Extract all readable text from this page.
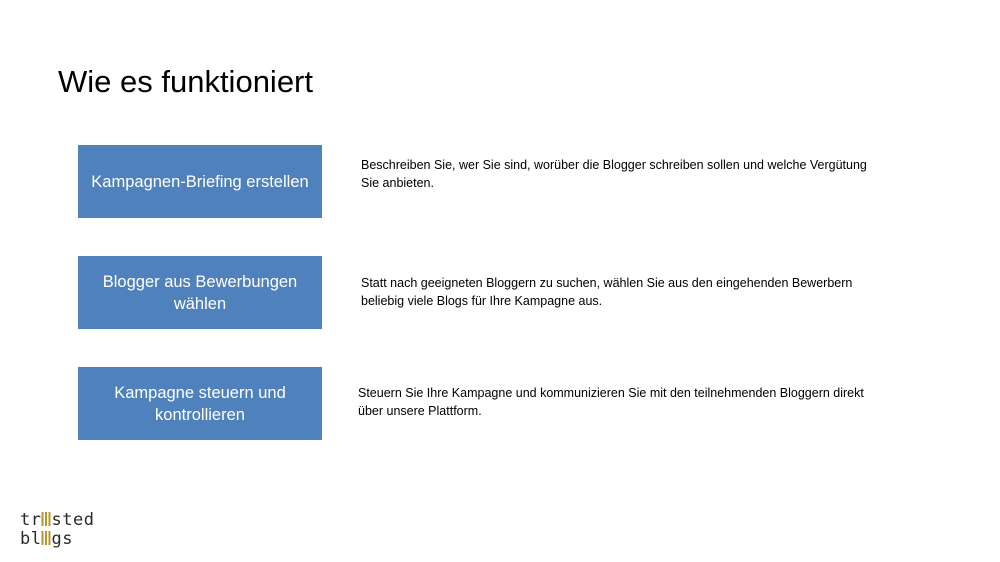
Wie es funktioniert
Kampagnen-Briefing erstellen
Beschreiben Sie, wer Sie sind, worüber die Blogger schreiben sollen und welche Vergütung Sie anbieten.
Blogger aus Bewerbungen wählen
Statt nach geeigneten Bloggern zu suchen, wählen Sie aus den eingehenden Bewerbern beliebig viele Blogs für Ihre Kampagne aus.
Kampagne steuern und kontrollieren
Steuern Sie Ihre Kampagne und kommunizieren Sie mit den teilnehmenden Bloggern direkt über unsere Plattform.
tr sted
bl gs
